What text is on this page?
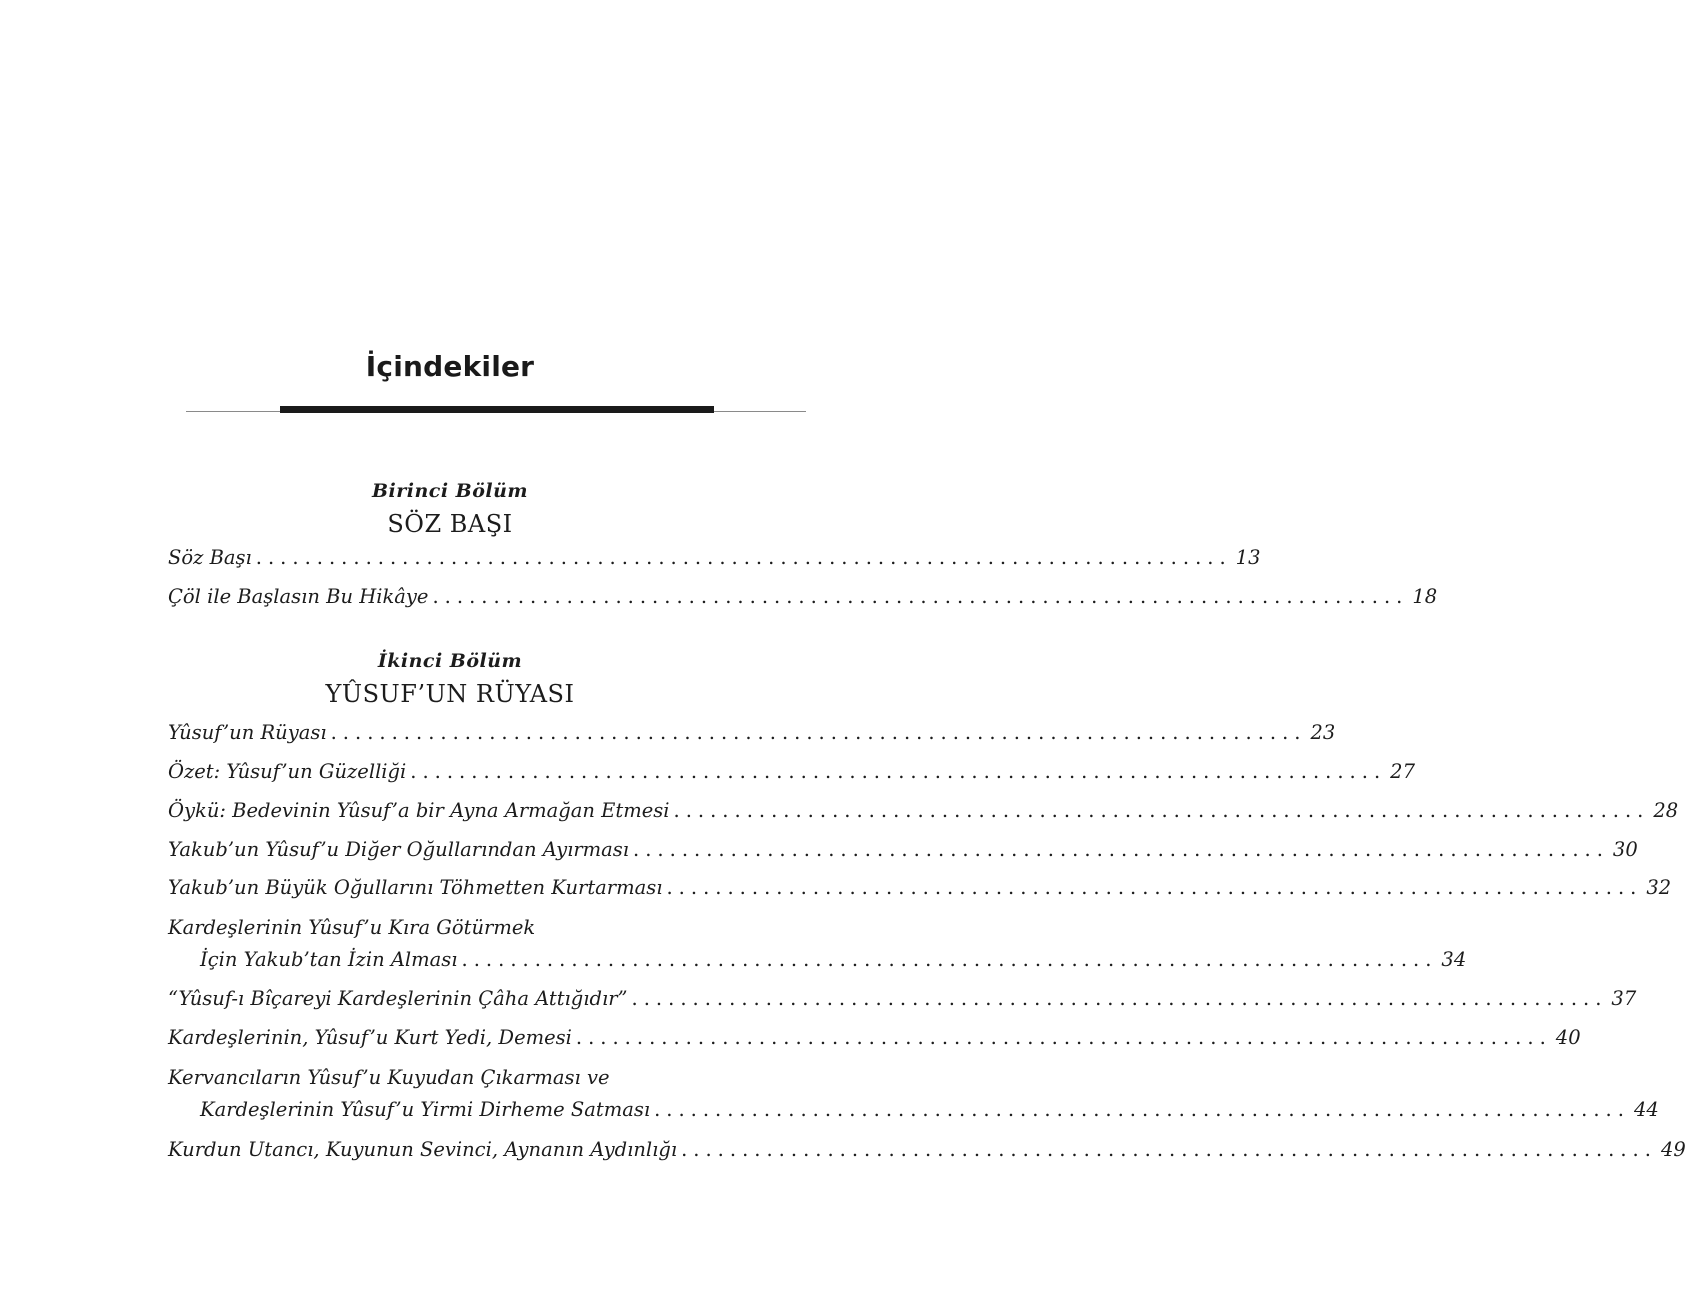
İçindekiler
Birinci Bölüm
SÖZ BAŞI
Söz Başı ................................................................................ 13
Çöl ile Başlasın Bu Hikâye ................................................................................ 18
İkinci Bölüm
YÛSUF’UN RÜYASI
Yûsuf’un Rüyası ................................................................................ 23
Özet: Yûsuf’un Güzelliği ................................................................................ 27
Öykü: Bedevinin Yûsuf’a bir Ayna Armağan Etmesi ................................................................................ 28
Yakub’un Yûsuf’u Diğer Oğullarından Ayırması ................................................................................ 30
Yakub’un Büyük Oğullarını Töhmetten Kurtarması ................................................................................ 32
Kardeşlerinin Yûsuf’u Kıra Götürmek
İçin Yakub’tan İzin Alması ................................................................................ 34
“Yûsuf-ı Bîçareyi Kardeşlerinin Çâha Attığıdır” ................................................................................ 37
Kardeşlerinin, Yûsuf’u Kurt Yedi, Demesi ................................................................................ 40
Kervancıların Yûsuf’u Kuyudan Çıkarması ve
Kardeşlerinin Yûsuf’u Yirmi Dirheme Satması ................................................................................ 44
Kurdun Utancı, Kuyunun Sevinci, Aynanın Aydınlığı ................................................................................ 49
